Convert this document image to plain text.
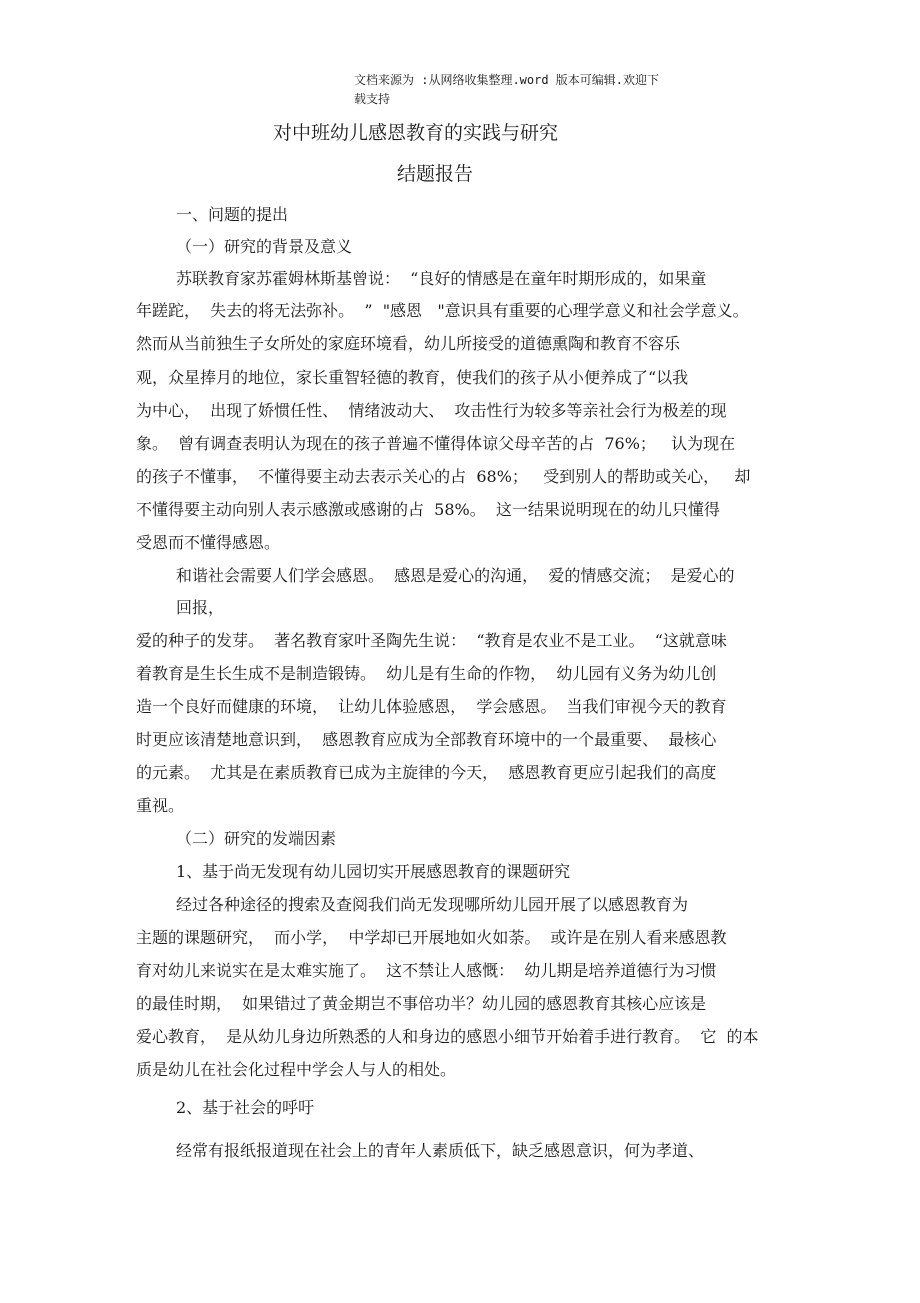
文档来源为 :从网络收集整理.word 版本可编辑.欢迎下
载支持
对中班幼儿感恩教育的实践与研究
结题报告
一、问题的提出
（一）研究的背景及意义
苏联教育家苏霍姆林斯基曾说：  “良好的情感是在童年时期形成的，如果童
年蹉跎，  失去的将无法弥补。  ”  "感恩   "意识具有重要的心理学意义和社会学意义。
然而从当前独生子女所处的家庭环境看，幼儿所接受的道德熏陶和教育不容乐
观，众星捧月的地位，家长重智轻德的教育，使我们的孩子从小便养成了“以我
为中心，  出现了娇惯任性、  情绪波动大、  攻击性行为较多等亲社会行为极差的现
象。  曾有调查表明认为现在的孩子普遍不懂得体谅父母辛苦的占  76%；   认为现在
的孩子不懂事，  不懂得要主动去表示关心的占  68%；   受到别人的帮助或关心，   却
不懂得要主动向别人表示感激或感谢的占  58%。  这一结果说明现在的幼儿只懂得
受恩而不懂得感恩。
和谐社会需要人们学会感恩。  感恩是爱心的沟通，  爱的情感交流；  是爱心的
回报，
爱的种子的发芽。  著名教育家叶圣陶先生说：  “教育是农业不是工业。  “这就意味
着教育是生长生成不是制造锻铸。  幼儿是有生命的作物，  幼儿园有义务为幼儿创
造一个良好而健康的环境，  让幼儿体验感恩，  学会感恩。  当我们审视今天的教育
时更应该清楚地意识到，  感恩教育应成为全部教育环境中的一个最重要、  最核心
的元素。  尤其是在素质教育已成为主旋律的今天，  感恩教育更应引起我们的高度
重视。
（二）研究的发端因素
1、基于尚无发现有幼儿园切实开展感恩教育的课题研究
经过各种途径的搜索及查阅我们尚无发现哪所幼儿园开展了以感恩教育为
主题的课题研究，  而小学，  中学却已开展地如火如荼。  或许是在别人看来感恩教
育对幼儿来说实在是太难实施了。  这不禁让人感慨：  幼儿期是培养道德行为习惯
的最佳时期，  如果错过了黄金期岂不事倍功半？幼儿园的感恩教育其核心应该是
爱心教育，  是从幼儿身边所熟悉的人和身边的感恩小细节开始着手进行教育。  它  的本
质是幼儿在社会化过程中学会人与人的相处。
2、基于社会的呼吁
经常有报纸报道现在社会上的青年人素质低下，缺乏感恩意识，何为孝道、
